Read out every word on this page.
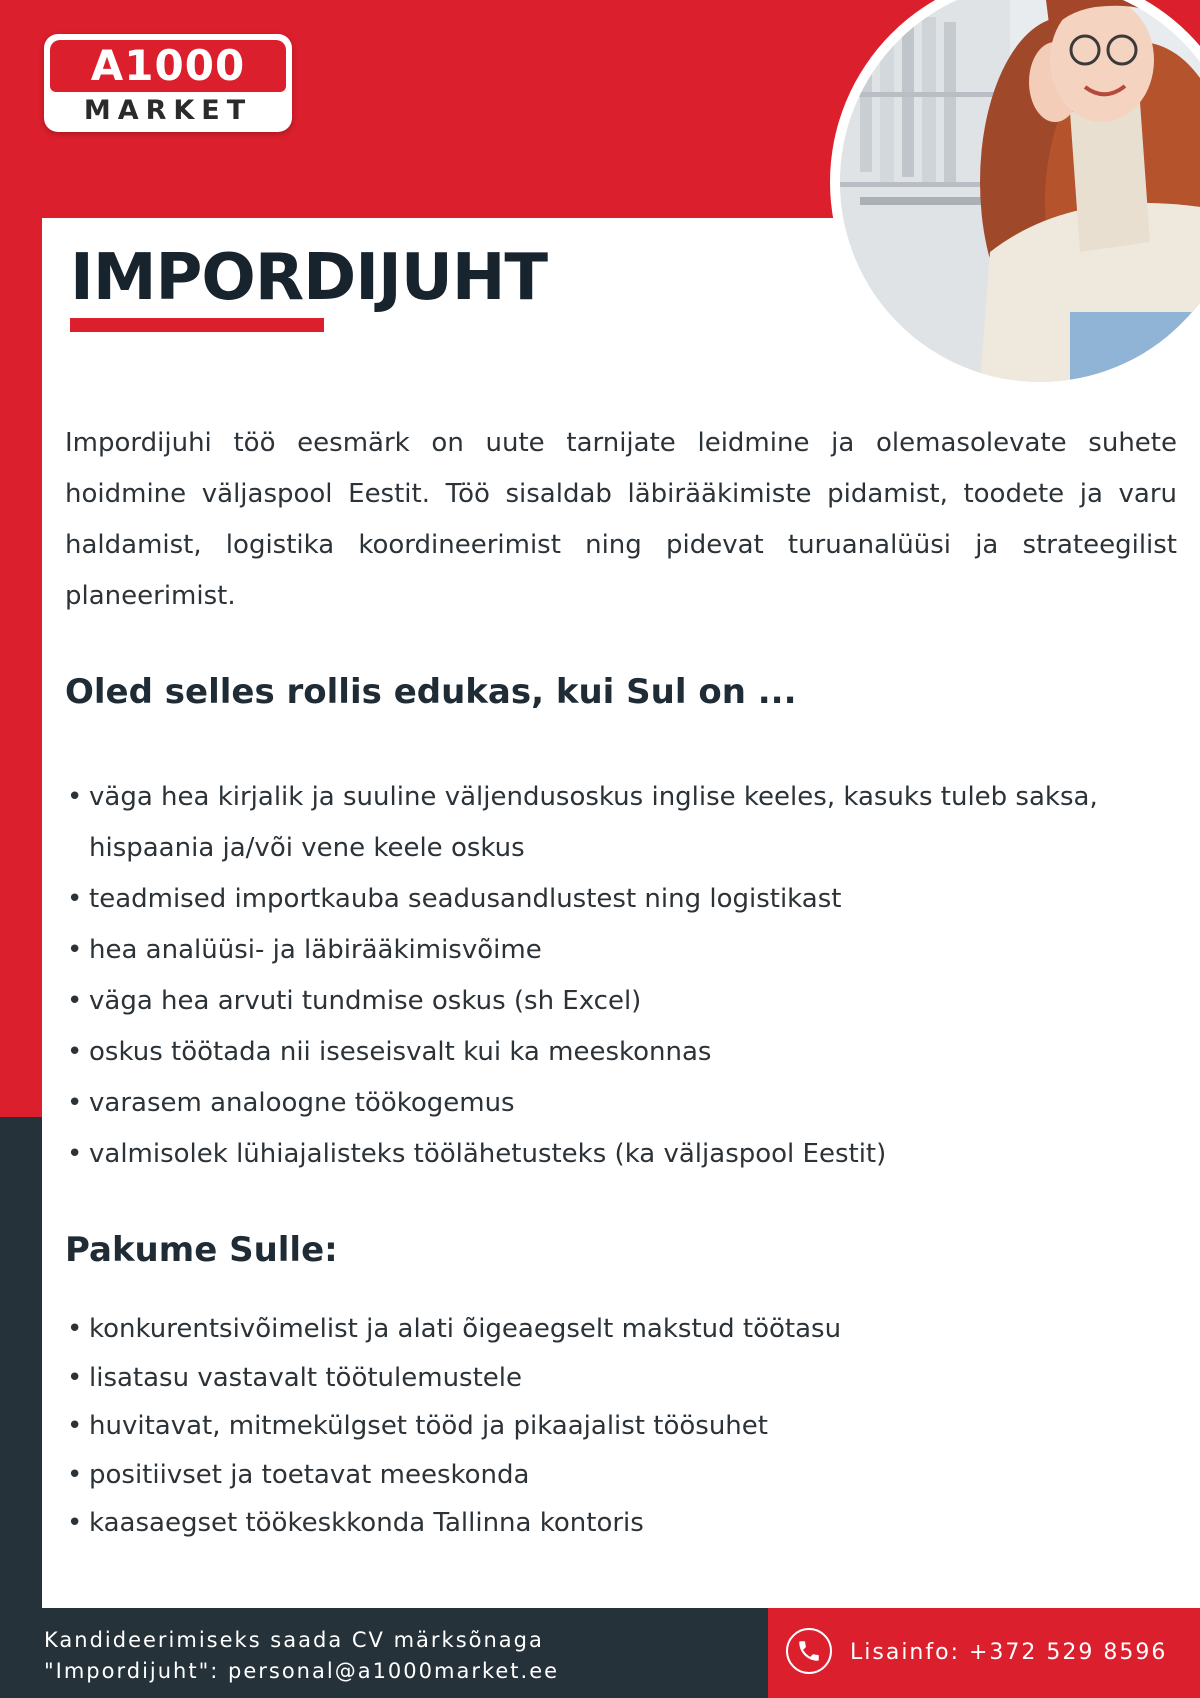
A1000
MARKET
IMPORDIJUHT

Impordijuhi töö eesmärk on uute tarnijate leidmine ja olemasolevate suhete hoidmine väljaspool Eestit. Töö sisaldab läbirääkimiste pidamist, toodete ja varu haldamist, logistika koordineerimist ning pidevat turuanalüüsi ja strateegilist planeerimist.

Oled selles rollis edukas, kui Sul on ...
• väga hea kirjalik ja suuline väljendusoskus inglise keeles, kasuks tuleb saksa, hispaania ja/või vene keele oskus
• teadmised importkauba seadusandlustest ning logistikast
• hea analüüsi- ja läbirääkimisvõime
• väga hea arvuti tundmise oskus (sh Excel)
• oskus töötada nii iseseisvalt kui ka meeskonnas
• varasem analoogne töökogemus
• valmisolek lühiajalisteks töölähetusteks (ka väljaspool Eestit)
Pakume Sulle:
• konkurentsivõimelist ja alati õigeaegselt makstud töötasu
• lisatasu vastavalt töötulemustele
• huvitavat, mitmekülgset tööd ja pikaajalist töösuhet
• positiivset ja toetavat meeskonda
• kaasaegset töökeskkonda Tallinna kontoris
Kandideerimiseks saada CV märksõnaga
"Impordijuht": personal@a1000market.ee
Lisainfo: +372 529 8596
